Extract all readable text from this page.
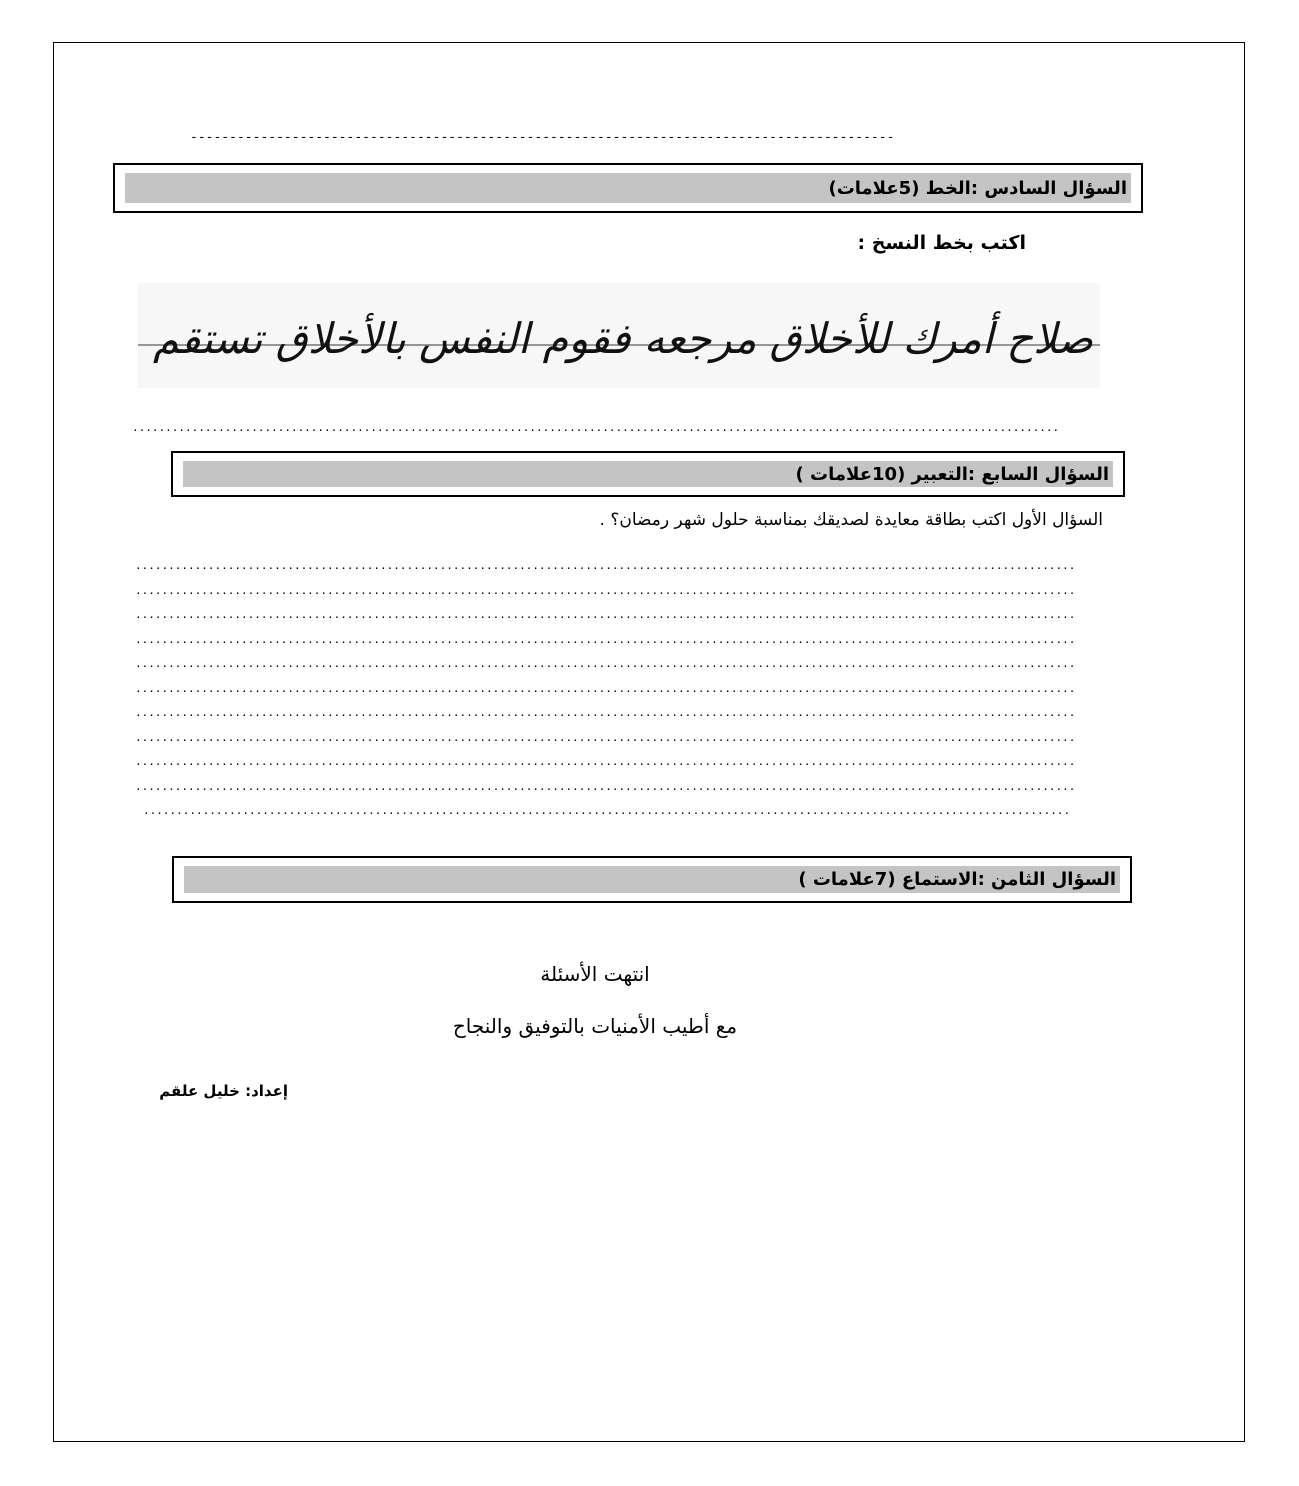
------------------------------------------------------------------------------------------
السؤال السادس :الخط (5علامات)
اكتب بخط النسخ :
صلاح أمرك للأخلاق مرجعه فقوم النفس بالأخلاق تستقم
............................................................................................................................................
السؤال السابع :التعبير (10علامات )
السؤال الأول اكتب بطاقة معايدة لصديقك بمناسبة حلول شهر رمضان؟ .
..............................................................................................................................................
..............................................................................................................................................
..............................................................................................................................................
..............................................................................................................................................
..............................................................................................................................................
..............................................................................................................................................
..............................................................................................................................................
..............................................................................................................................................
..............................................................................................................................................
..............................................................................................................................................
............................................................................................................................................
السؤال الثامن :الاستماع (7علامات )
انتهت الأسئلة
مع أطيب الأمنيات بالتوفيق والنجاح
إعداد: خليل علقم
